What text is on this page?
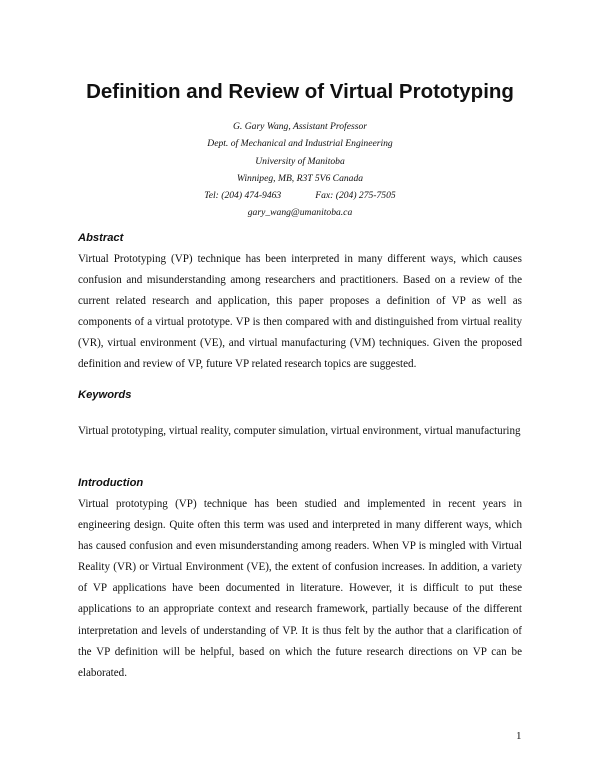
Definition and Review of Virtual Prototyping
G. Gary Wang, Assistant Professor
Dept. of Mechanical and Industrial Engineering
University of Manitoba
Winnipeg, MB, R3T 5V6 Canada
Tel: (204) 474-9463	Fax: (204) 275-7505
gary_wang@umanitoba.ca
Abstract

Virtual Prototyping (VP) technique has been interpreted in many different ways, which causes confusion and misunderstanding among researchers and practitioners. Based on a review of the current related research and application, this paper proposes a definition of VP as well as components of a virtual prototype. VP is then compared with and distinguished from virtual reality (VR), virtual environment (VE), and virtual manufacturing (VM) techniques. Given the proposed definition and review of VP, future VP related research topics are suggested.

Keywords

Virtual prototyping, virtual reality, computer simulation, virtual environment, virtual manufacturing

Introduction

Virtual prototyping (VP) technique has been studied and implemented in recent years in engineering design. Quite often this term was used and interpreted in many different ways, which has caused confusion and even misunderstanding among readers. When VP is mingled with Virtual Reality (VR) or Virtual Environment (VE), the extent of confusion increases. In addition, a variety of VP applications have been documented in literature. However, it is difficult to put these applications to an appropriate context and research framework, partially because of the different interpretation and levels of understanding of VP. It is thus felt by the author that a clarification of the VP definition will be helpful, based on which the future research directions on VP can be elaborated.

1
